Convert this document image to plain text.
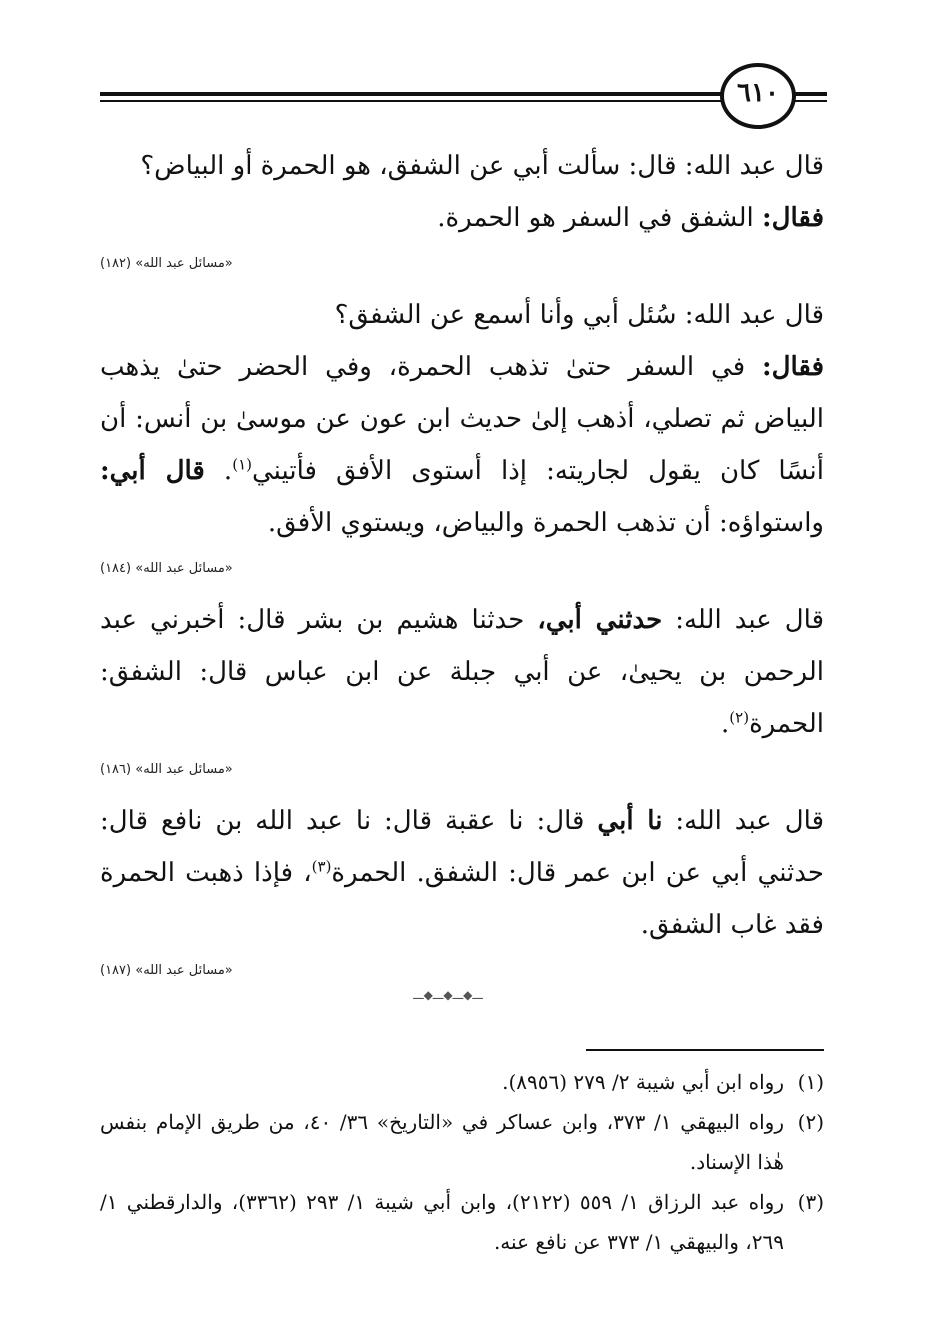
٦١٠

قال عبد الله: قال: سألت أبي عن الشفق، هو الحمرة أو البياض؟
فقال: الشفق في السفر هو الحمرة.

«مسائل عبد الله» (١٨٢)

قال عبد الله: سُئل أبي وأنا أسمع عن الشفق؟
فقال: في السفر حتىٰ تذهب الحمرة، وفي الحضر حتىٰ يذهب البياض ثم تصلي، أذهب إلىٰ حديث ابن عون عن موسىٰ بن أنس: أن أنسًا كان يقول لجاريته: إذا أستوى الأفق فأتيني$^{(١)}$. قال أبي: واستواؤه: أن تذهب الحمرة والبياض، ويستوي الأفق.

«مسائل عبد الله» (١٨٤)

قال عبد الله: حدثني أبي، حدثنا هشيم بن بشر قال: أخبرني عبد الرحمن بن يحيىٰ، عن أبي جبلة عن ابن عباس قال: الشفق: الحمرة$^{(٢)}$.

«مسائل عبد الله» (١٨٦)

قال عبد الله: نا أبي قال: نا عقبة قال: نا عبد الله بن نافع قال: حدثني أبي عن ابن عمر قال: الشفق. الحمرة$^{(٣)}$، فإذا ذهبت الحمرة فقد غاب الشفق.

«مسائل عبد الله» (١٨٧)
ـــ◆ـــ◆ـــ◆ـــ
(١)
رواه ابن أبي شيبة ٢/ ٢٧٩ (٨٩٥٦).
(٢)
رواه البيهقي ١/ ٣٧٣، وابن عساكر في «التاريخ» ٣٦/ ٤٠، من طريق الإمام بنفس هٰذا الإسناد.
(٣)
رواه عبد الرزاق ١/ ٥٥٩ (٢١٢٢)، وابن أبي شيبة ١/ ٢٩٣ (٣٣٦٢)، والدارقطني ١/ ٢٦٩، والبيهقي ١/ ٣٧٣ عن نافع عنه.
